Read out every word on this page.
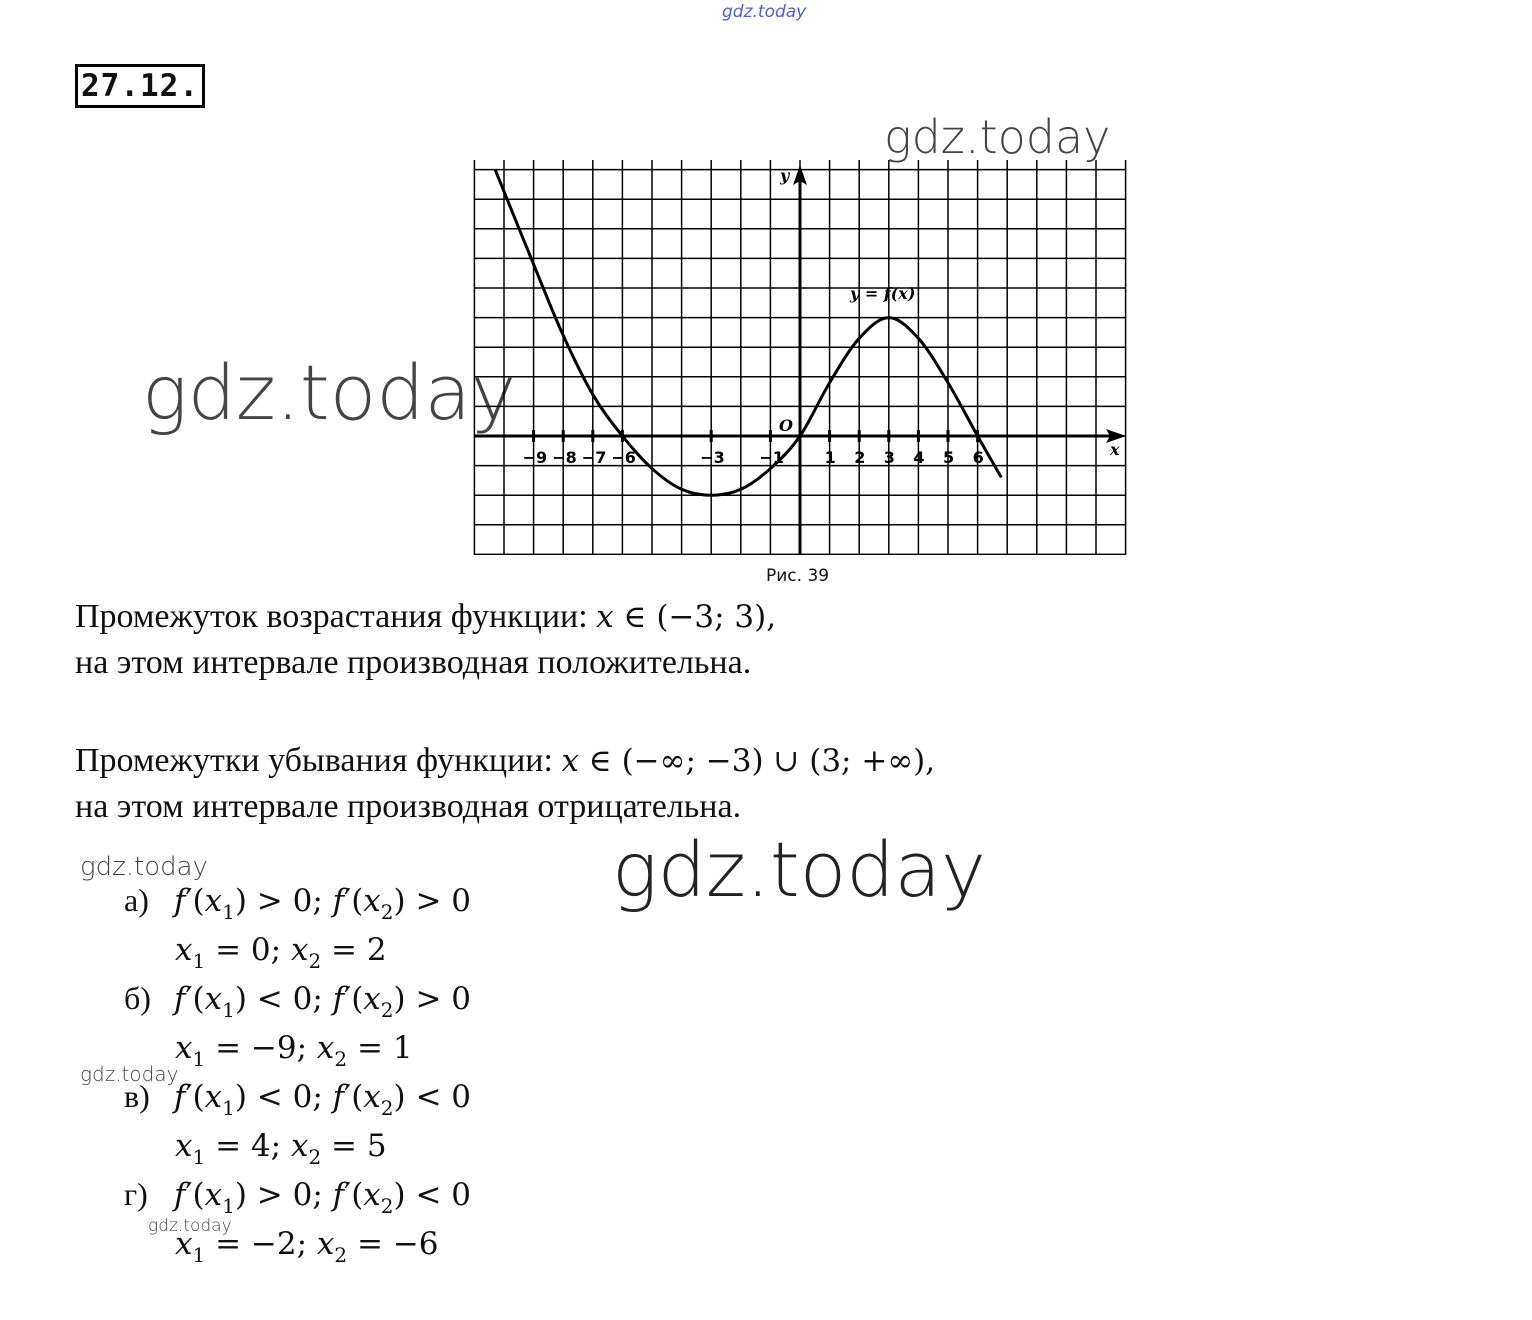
gdz.today
gdz.today
gdz.today
gdz.today
gdz.today
gdz.today
gdz.today
27.12.
−9 −8 −7 −6	−3 −1	1 2 3 4 5 6	x
y
O
y = f(x)
Рис. 39
Промежуток возрастания функции: x ∈ (−3; 3),
на этом интервале производная положительна.
Промежутки убывания функции: x ∈ (−∞; −3) ∪ (3; +∞),
на этом интервале производная отрицательна.
а) $f'(x_1) > 0$; $f'(x_2) > 0$
$x_1 = 0$; $x_2 = 2$
б) $f'(x_1) < 0$; $f'(x_2) > 0$
$x_1 = -9$; $x_2 = 1$
в) $f'(x_1) < 0$; $f'(x_2) < 0$
$x_1 = 4$; $x_2 = 5$
г) $f'(x_1) > 0$; $f'(x_2) < 0$
$x_1 = -2$; $x_2 = -6$
